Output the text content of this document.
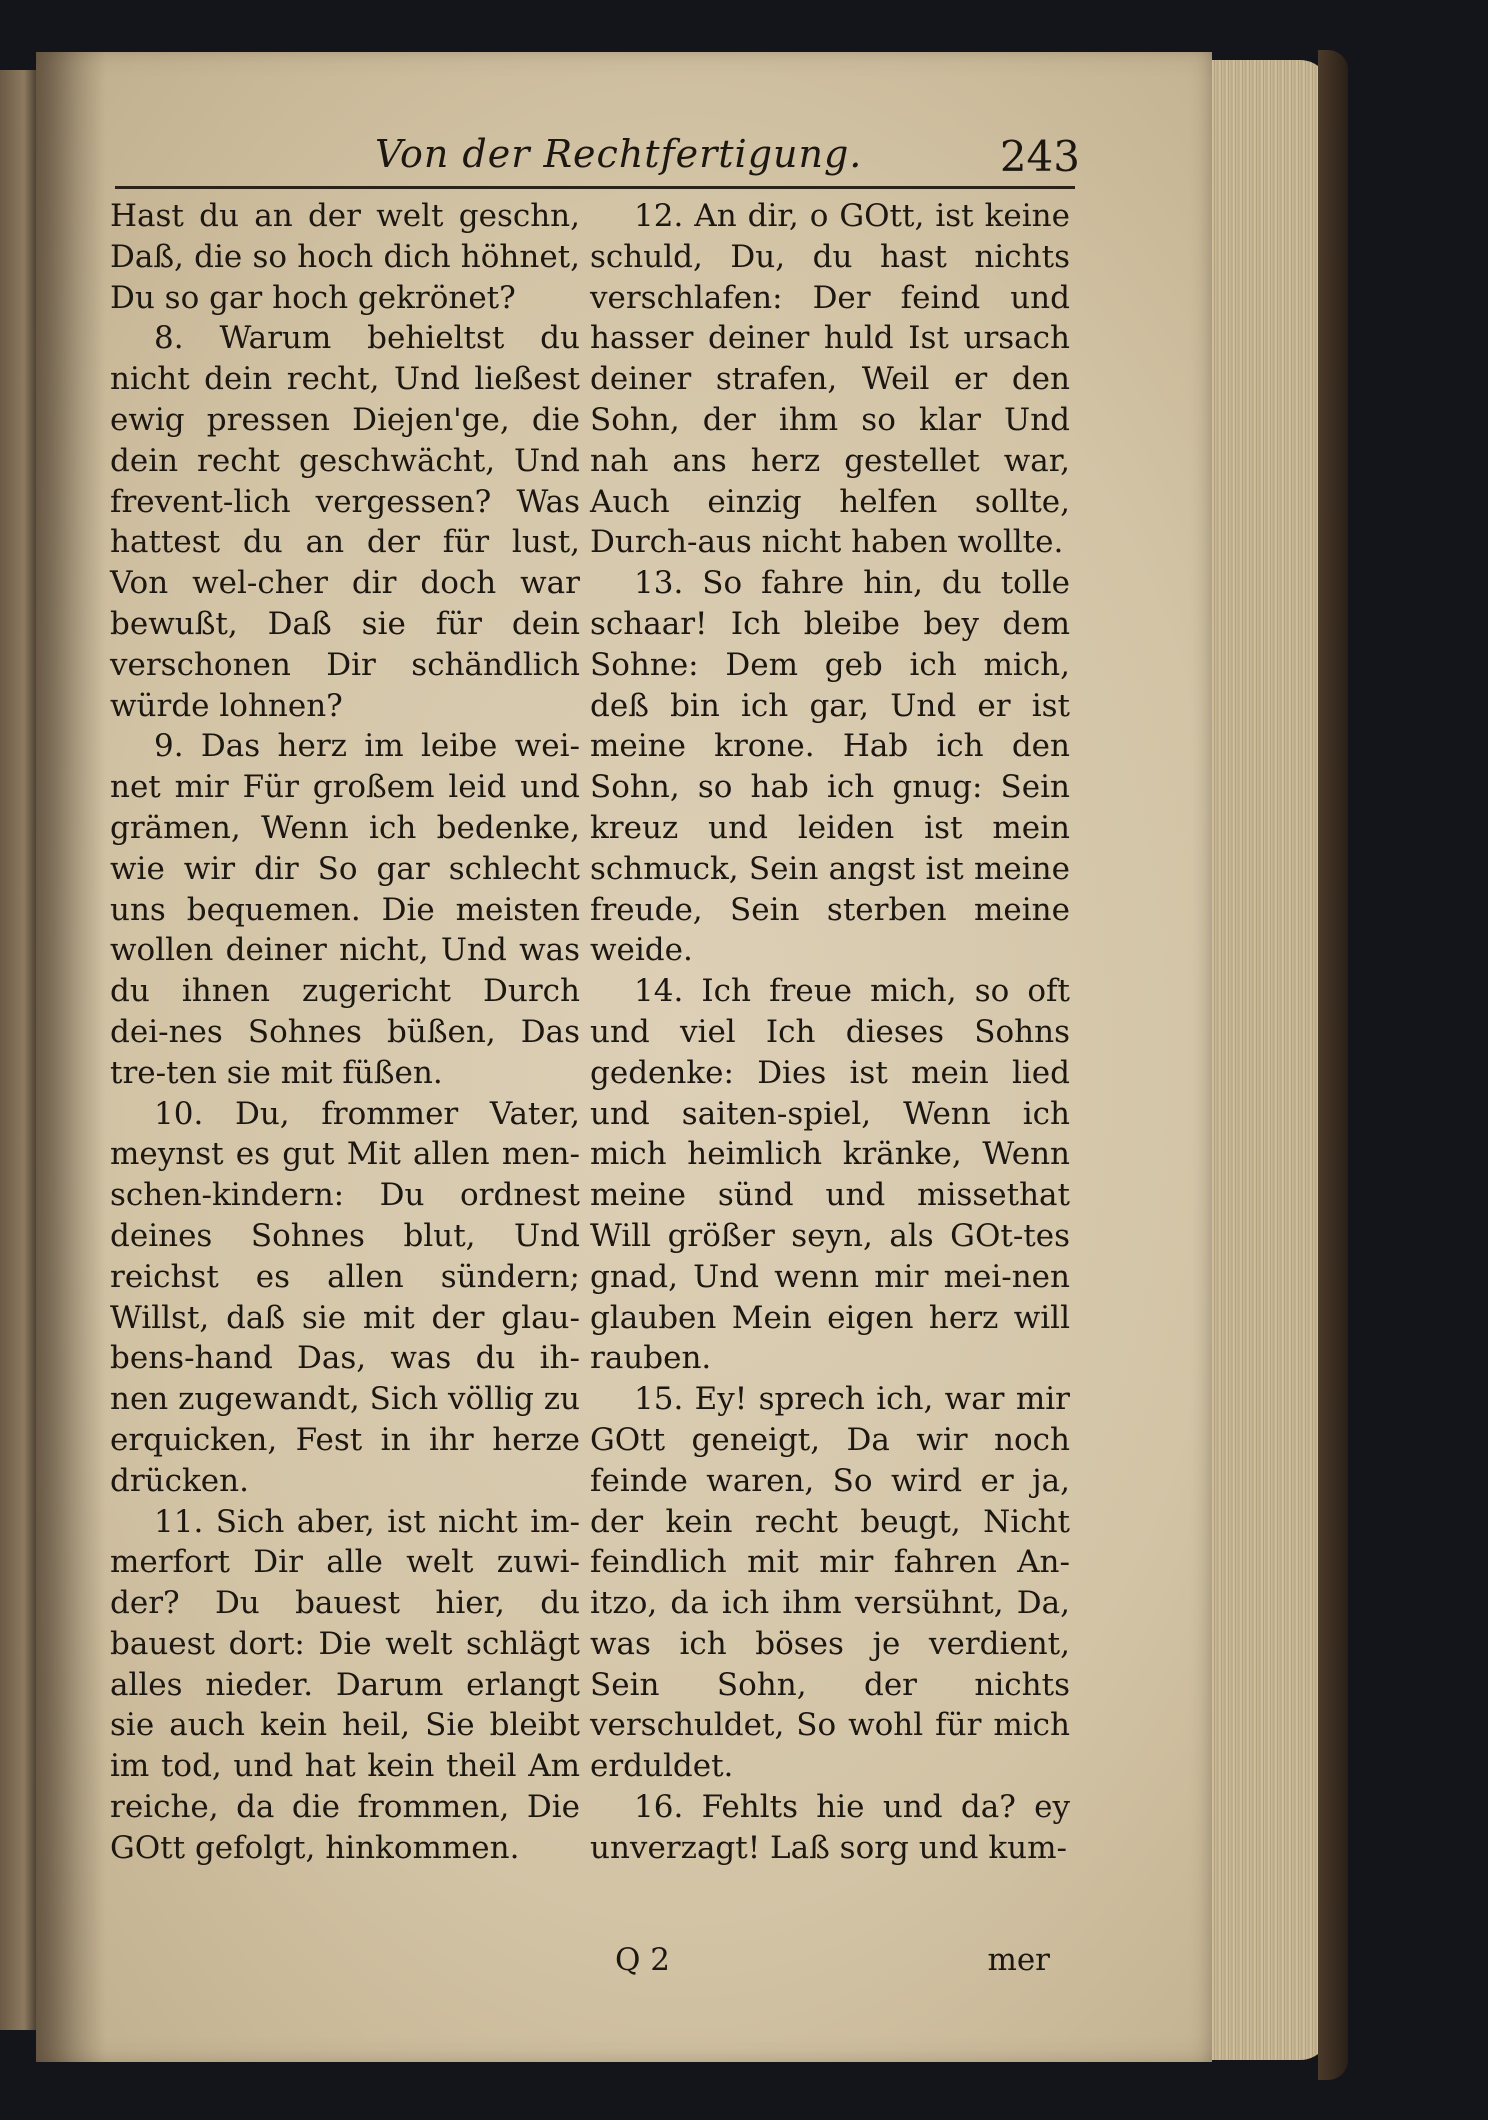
Von der Rechtfertigung.	243

Hast du an der welt geschn, Daß, die so hoch dich höhnet, Du so gar hoch gekrönet?

8. Warum behieltst du nicht dein recht, Und ließest ewig pressen Diejen'ge, die dein recht geschwächt, Und frevent-lich vergessen? Was hattest du an der für lust, Von wel-cher dir doch war bewußt, Daß sie für dein verschonen Dir schändlich würde lohnen?

9. Das herz im leibe wei-net mir Für großem leid und grämen, Wenn ich bedenke, wie wir dir So gar schlecht uns bequemen. Die meisten wollen deiner nicht, Und was du ihnen zugericht Durch dei-nes Sohnes büßen, Das tre-ten sie mit füßen.

10. Du, frommer Vater, meynst es gut Mit allen men-schen-kindern: Du ordnest deines Sohnes blut, Und reichst es allen sündern; Willst, daß sie mit der glau-bens-hand Das, was du ih-nen zugewandt, Sich völlig zu erquicken, Fest in ihr herze drücken.

11. Sich aber, ist nicht im-merfort Dir alle welt zuwi-der? Du bauest hier, du bauest dort: Die welt schlägt alles nieder. Darum erlangt sie auch kein heil, Sie bleibt im tod, und hat kein theil Am reiche, da die frommen, Die GOtt gefolgt, hinkommen.

12. An dir, o GOtt, ist keine schuld, Du, du hast nichts verschlafen: Der feind und hasser deiner huld Ist ursach deiner strafen, Weil er den Sohn, der ihm so klar Und nah ans herz gestellet war, Auch einzig helfen sollte, Durch-aus nicht haben wollte.

13. So fahre hin, du tolle schaar! Ich bleibe bey dem Sohne: Dem geb ich mich, deß bin ich gar, Und er ist meine krone. Hab ich den Sohn, so hab ich gnug: Sein kreuz und leiden ist mein schmuck, Sein angst ist meine freude, Sein sterben meine weide.

14. Ich freue mich, so oft und viel Ich dieses Sohns gedenke: Dies ist mein lied und saiten-spiel, Wenn ich mich heimlich kränke, Wenn meine sünd und missethat Will größer seyn, als GOt-tes gnad, Und wenn mir mei-nen glauben Mein eigen herz will rauben.

15. Ey! sprech ich, war mir GOtt geneigt, Da wir noch feinde waren, So wird er ja, der kein recht beugt, Nicht feindlich mit mir fahren An-itzo, da ich ihm versühnt, Da, was ich böses je verdient, Sein Sohn, der nichts verschuldet, So wohl für mich erduldet.

16. Fehlts hie und da? ey unverzagt! Laß sorg und kum-

Q 2	mer
